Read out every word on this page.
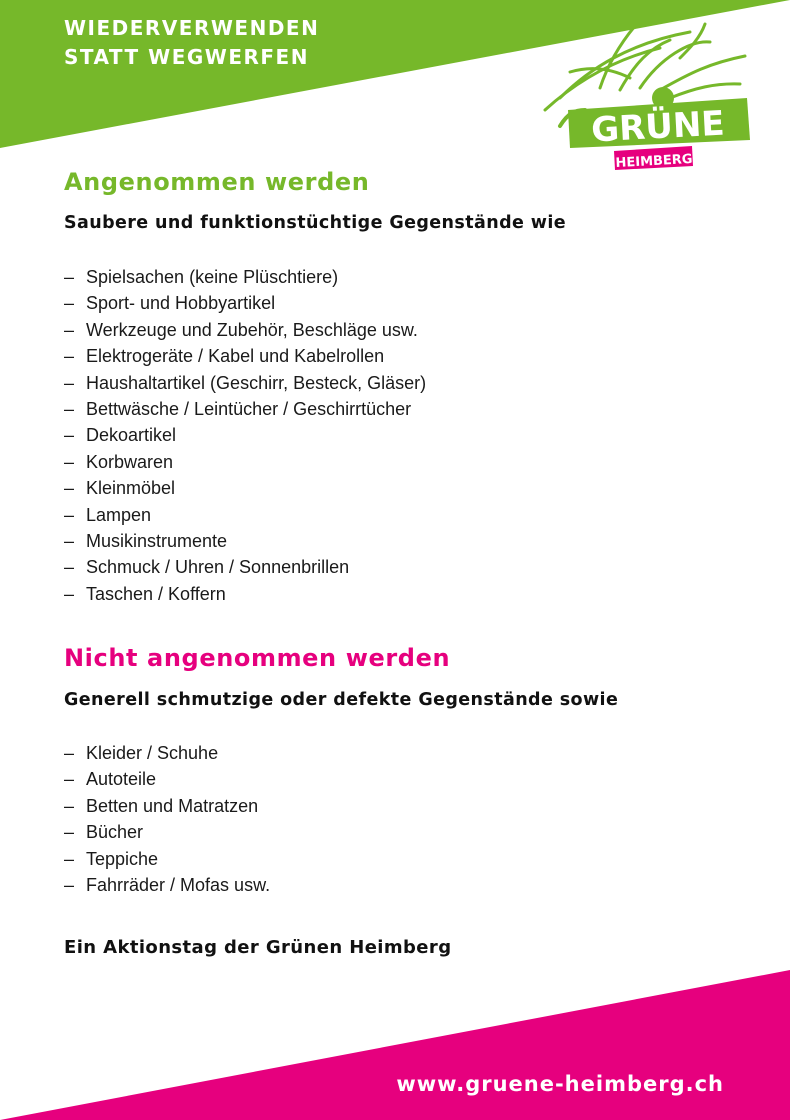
WIEDERVERWENDEN
STATT WEGWERFEN
GRÜNE
HEIMBERG
Angenommen werden

Saubere und funktionstüchtige Gegenstände wie

– Spielsachen (keine Plüschtiere)
– Sport- und Hobbyartikel
– Werkzeuge und Zubehör, Beschläge usw.
– Elektrogeräte / Kabel und Kabelrollen
– Haushaltartikel (Geschirr, Besteck, Gläser)
– Bettwäsche / Leintücher / Geschirrtücher
– Dekoartikel
– Korbwaren
– Kleinmöbel
– Lampen
– Musikinstrumente
– Schmuck / Uhren / Sonnenbrillen
– Taschen / Koffern
Nicht angenommen werden

Generell schmutzige oder defekte Gegenstände sowie

– Kleider / Schuhe
– Autoteile
– Betten und Matratzen
– Bücher
– Teppiche
– Fahrräder / Mofas usw.

Ein Aktionstag der Grünen Heimberg

www.gruene-heimberg.ch
